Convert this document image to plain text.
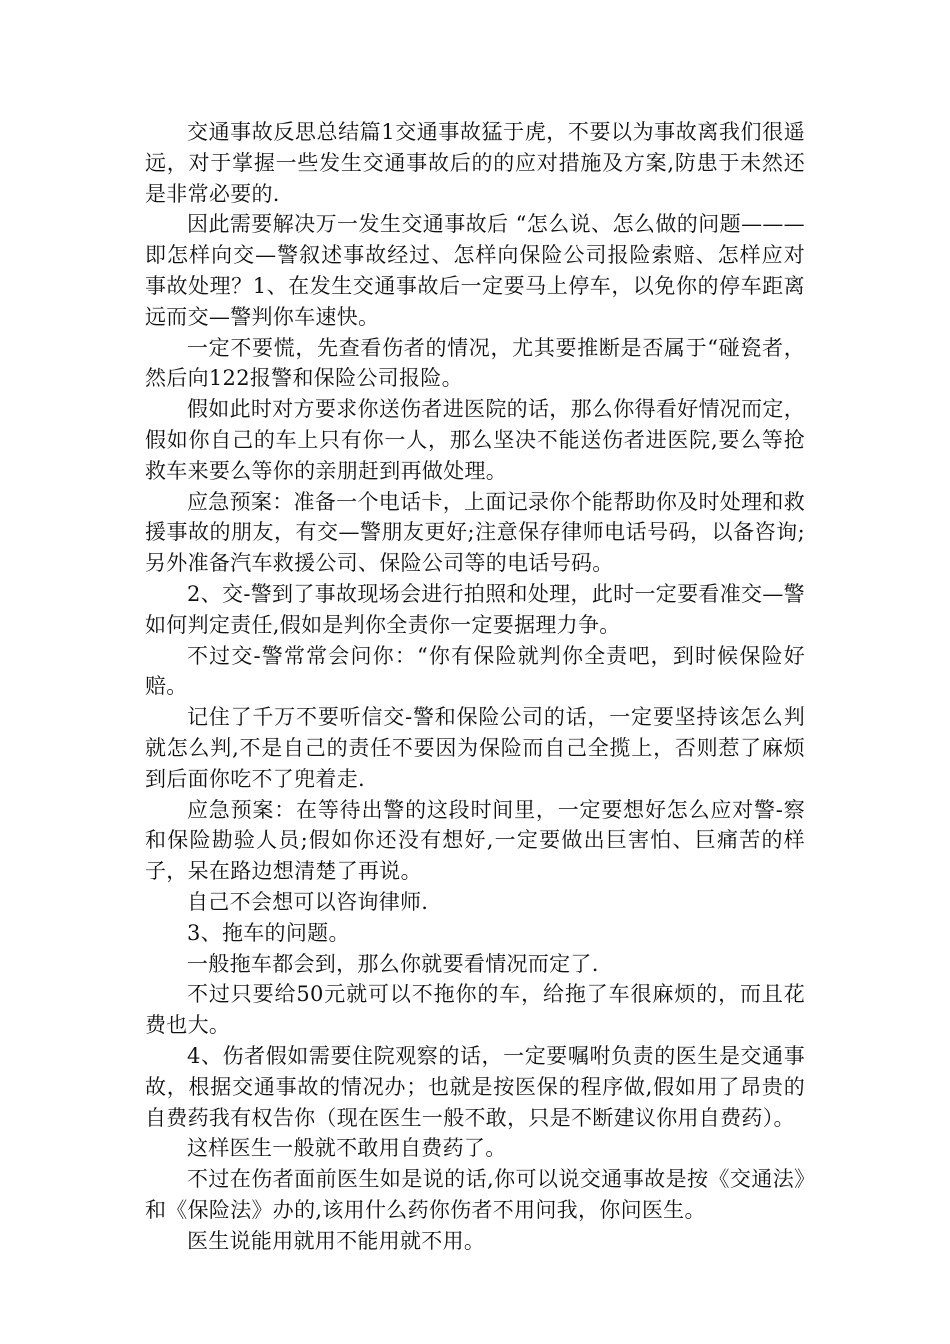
交通事故反思总结篇1交通事故猛于虎，不要以为事故离我们很遥远，对于掌握一些发生交通事故后的的应对措施及方案,防患于未然还是非常必要的.

因此需要解决万一发生交通事故后 “怎么说、怎么做的问题———即怎样向交—警叙述事故经过、怎样向保险公司报险索赔、怎样应对事故处理？1、在发生交通事故后一定要马上停车，以免你的停车距离远而交—警判你车速快。

一定不要慌，先查看伤者的情况，尤其要推断是否属于“碰瓷者，然后向122报警和保险公司报险。

假如此时对方要求你送伤者进医院的话，那么你得看好情况而定，假如你自己的车上只有你一人，那么坚决不能送伤者进医院,要么等抢救车来要么等你的亲朋赶到再做处理。

应急预案：准备一个电话卡，上面记录你个能帮助你及时处理和救援事故的朋友，有交—警朋友更好;注意保存律师电话号码，以备咨询;另外准备汽车救援公司、保险公司等的电话号码。

2、交-警到了事故现场会进行拍照和处理，此时一定要看准交—警如何判定责任,假如是判你全责你一定要据理力争。

不过交-警常常会问你：“你有保险就判你全责吧，到时候保险好赔。

记住了千万不要听信交-警和保险公司的话，一定要坚持该怎么判就怎么判,不是自己的责任不要因为保险而自己全揽上，否则惹了麻烦到后面你吃不了兜着走.

应急预案：在等待出警的这段时间里，一定要想好怎么应对警-察和保险勘验人员;假如你还没有想好,一定要做出巨害怕、巨痛苦的样子，呆在路边想清楚了再说。

自己不会想可以咨询律师.

3、拖车的问题。

一般拖车都会到，那么你就要看情况而定了.

不过只要给50元就可以不拖你的车，给拖了车很麻烦的，而且花费也大。

4、伤者假如需要住院观察的话，一定要嘱咐负责的医生是交通事故，根据交通事故的情况办；也就是按医保的程序做,假如用了昂贵的自费药我有权告你（现在医生一般不敢，只是不断建议你用自费药）。

这样医生一般就不敢用自费药了。

不过在伤者面前医生如是说的话,你可以说交通事故是按《交通法》和《保险法》办的,该用什么药你伤者不用问我，你问医生。

医生说能用就用不能用就不用。
